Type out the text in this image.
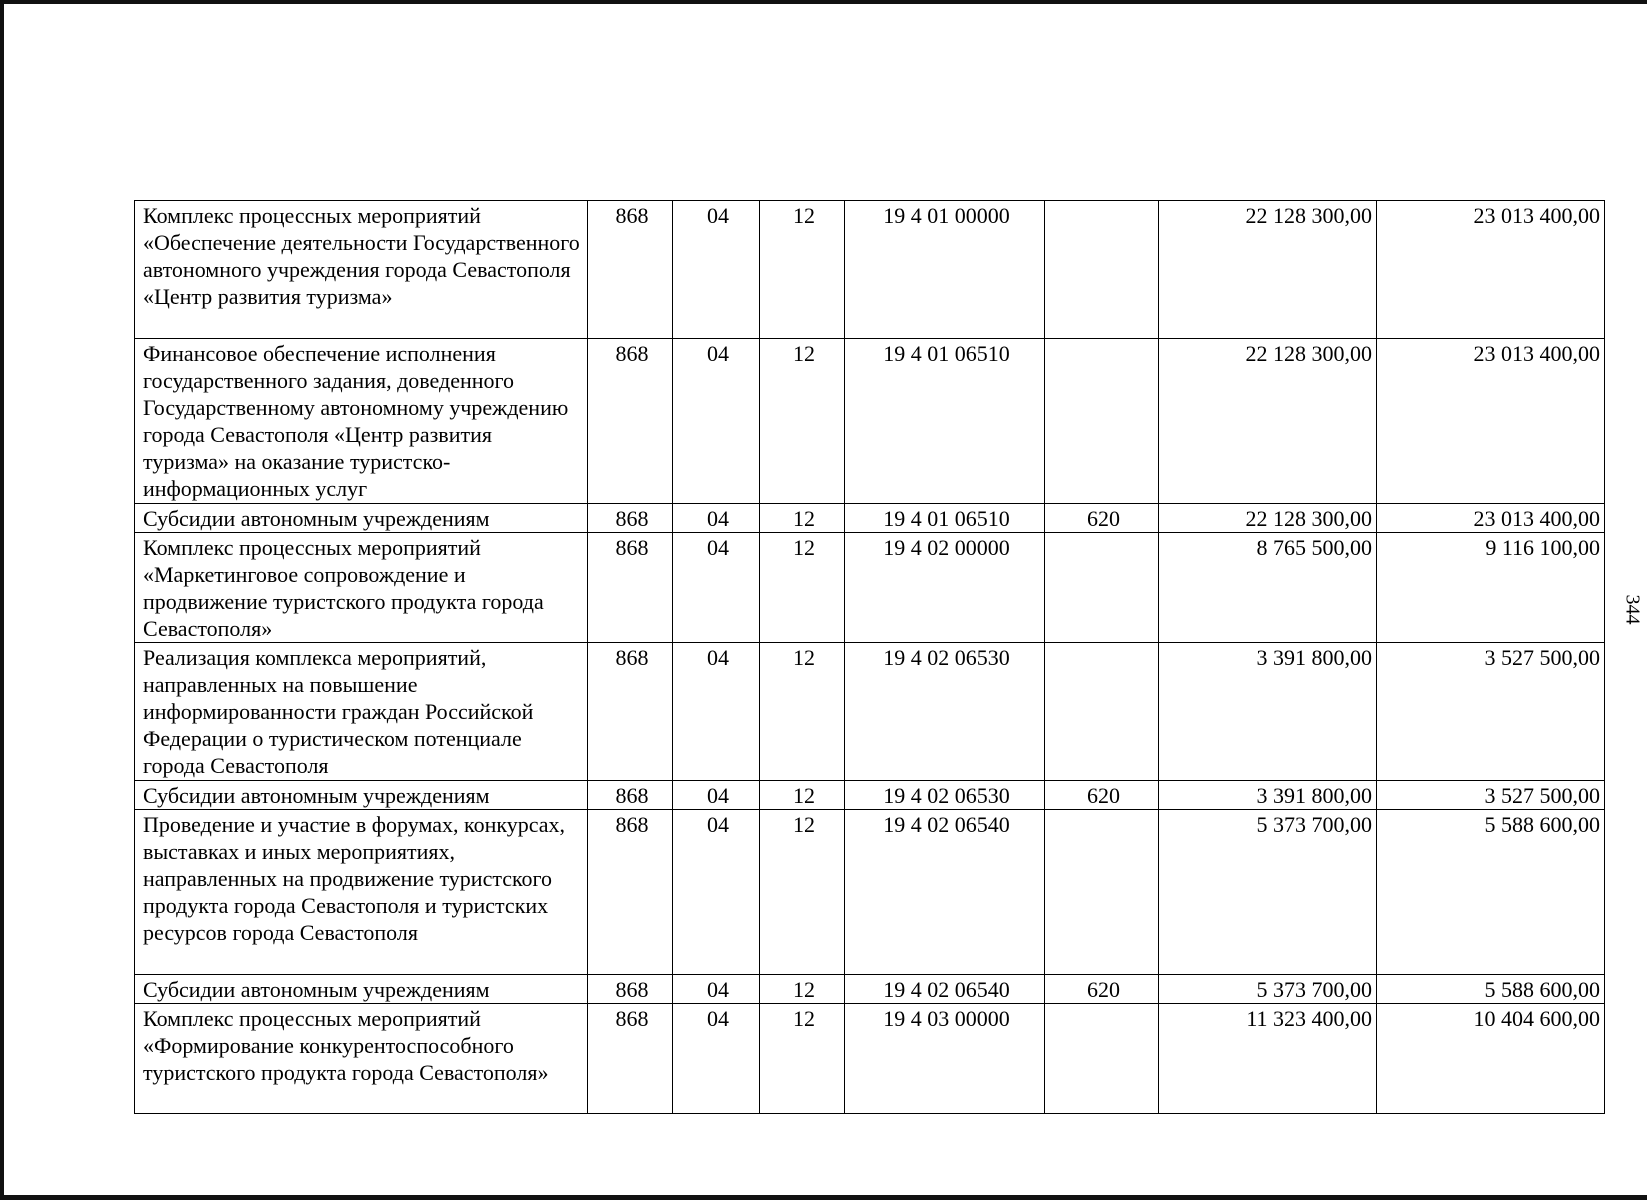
Комплекс процессных мероприятий «Обеспечение деятельности Государственного автономного учреждения города Севастополя «Центр развития туризма»	868	04	12	19 4 01 00000		22 128 300,00	23 013 400,00
Финансовое обеспечение исполнения государственного задания, доведенного Государственному автономному учреждению города Севастополя «Центр развития туризма» на оказание туристско-информационных услуг	868	04	12	19 4 01 06510		22 128 300,00	23 013 400,00
Субсидии автономным учреждениям	868	04	12	19 4 01 06510	620	22 128 300,00	23 013 400,00
Комплекс процессных мероприятий «Маркетинговое сопровождение и продвижение туристского продукта города Севастополя»	868	04	12	19 4 02 00000		8 765 500,00	9 116 100,00
Реализация комплекса мероприятий, направленных на повышение информированности граждан Российской Федерации о туристическом потенциале города Севастополя	868	04	12	19 4 02 06530		3 391 800,00	3 527 500,00
Субсидии автономным учреждениям	868	04	12	19 4 02 06530	620	3 391 800,00	3 527 500,00
Проведение и участие в форумах, конкурсах, выставках и иных мероприятиях, направленных на продвижение туристского продукта города Севастополя и туристских ресурсов города Севастополя	868	04	12	19 4 02 06540		5 373 700,00	5 588 600,00
Субсидии автономным учреждениям	868	04	12	19 4 02 06540	620	5 373 700,00	5 588 600,00
Комплекс процессных мероприятий «Формирование конкурентоспособного туристского продукта города Севастополя»	868	04	12	19 4 03 00000		11 323 400,00	10 404 600,00
344
